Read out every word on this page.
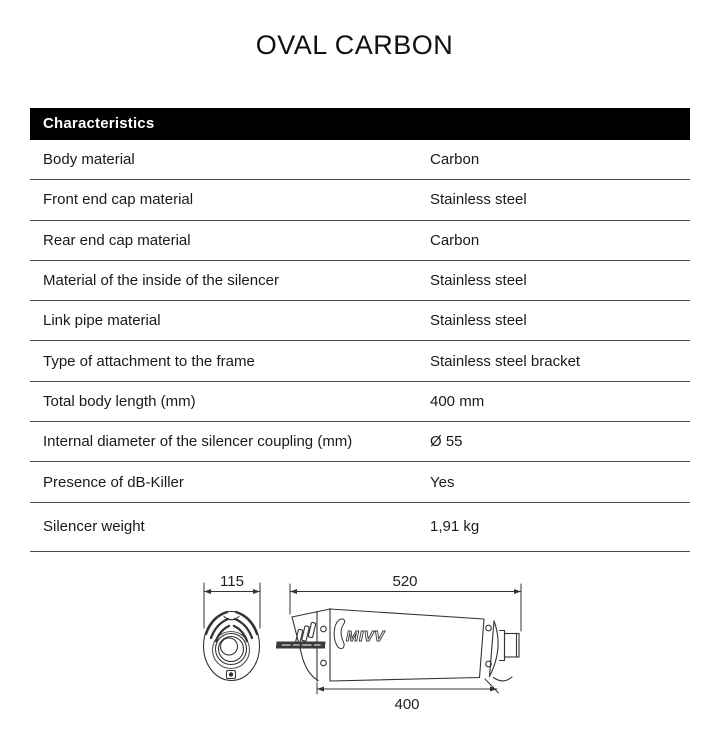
OVAL CARBON
Characteristics
Body material	Carbon
Front end cap material	Stainless steel
Rear end cap material	Carbon
Material of the inside of the silencer	Stainless steel
Link pipe material	Stainless steel
Type of attachment to the frame	Stainless steel bracket
Total body length (mm)	400 mm
Internal diameter of the silencer coupling (mm)	Ø 55
Presence of dB-Killer	Yes
Silencer weight	1,91 kg
115
MIVV
520
400
